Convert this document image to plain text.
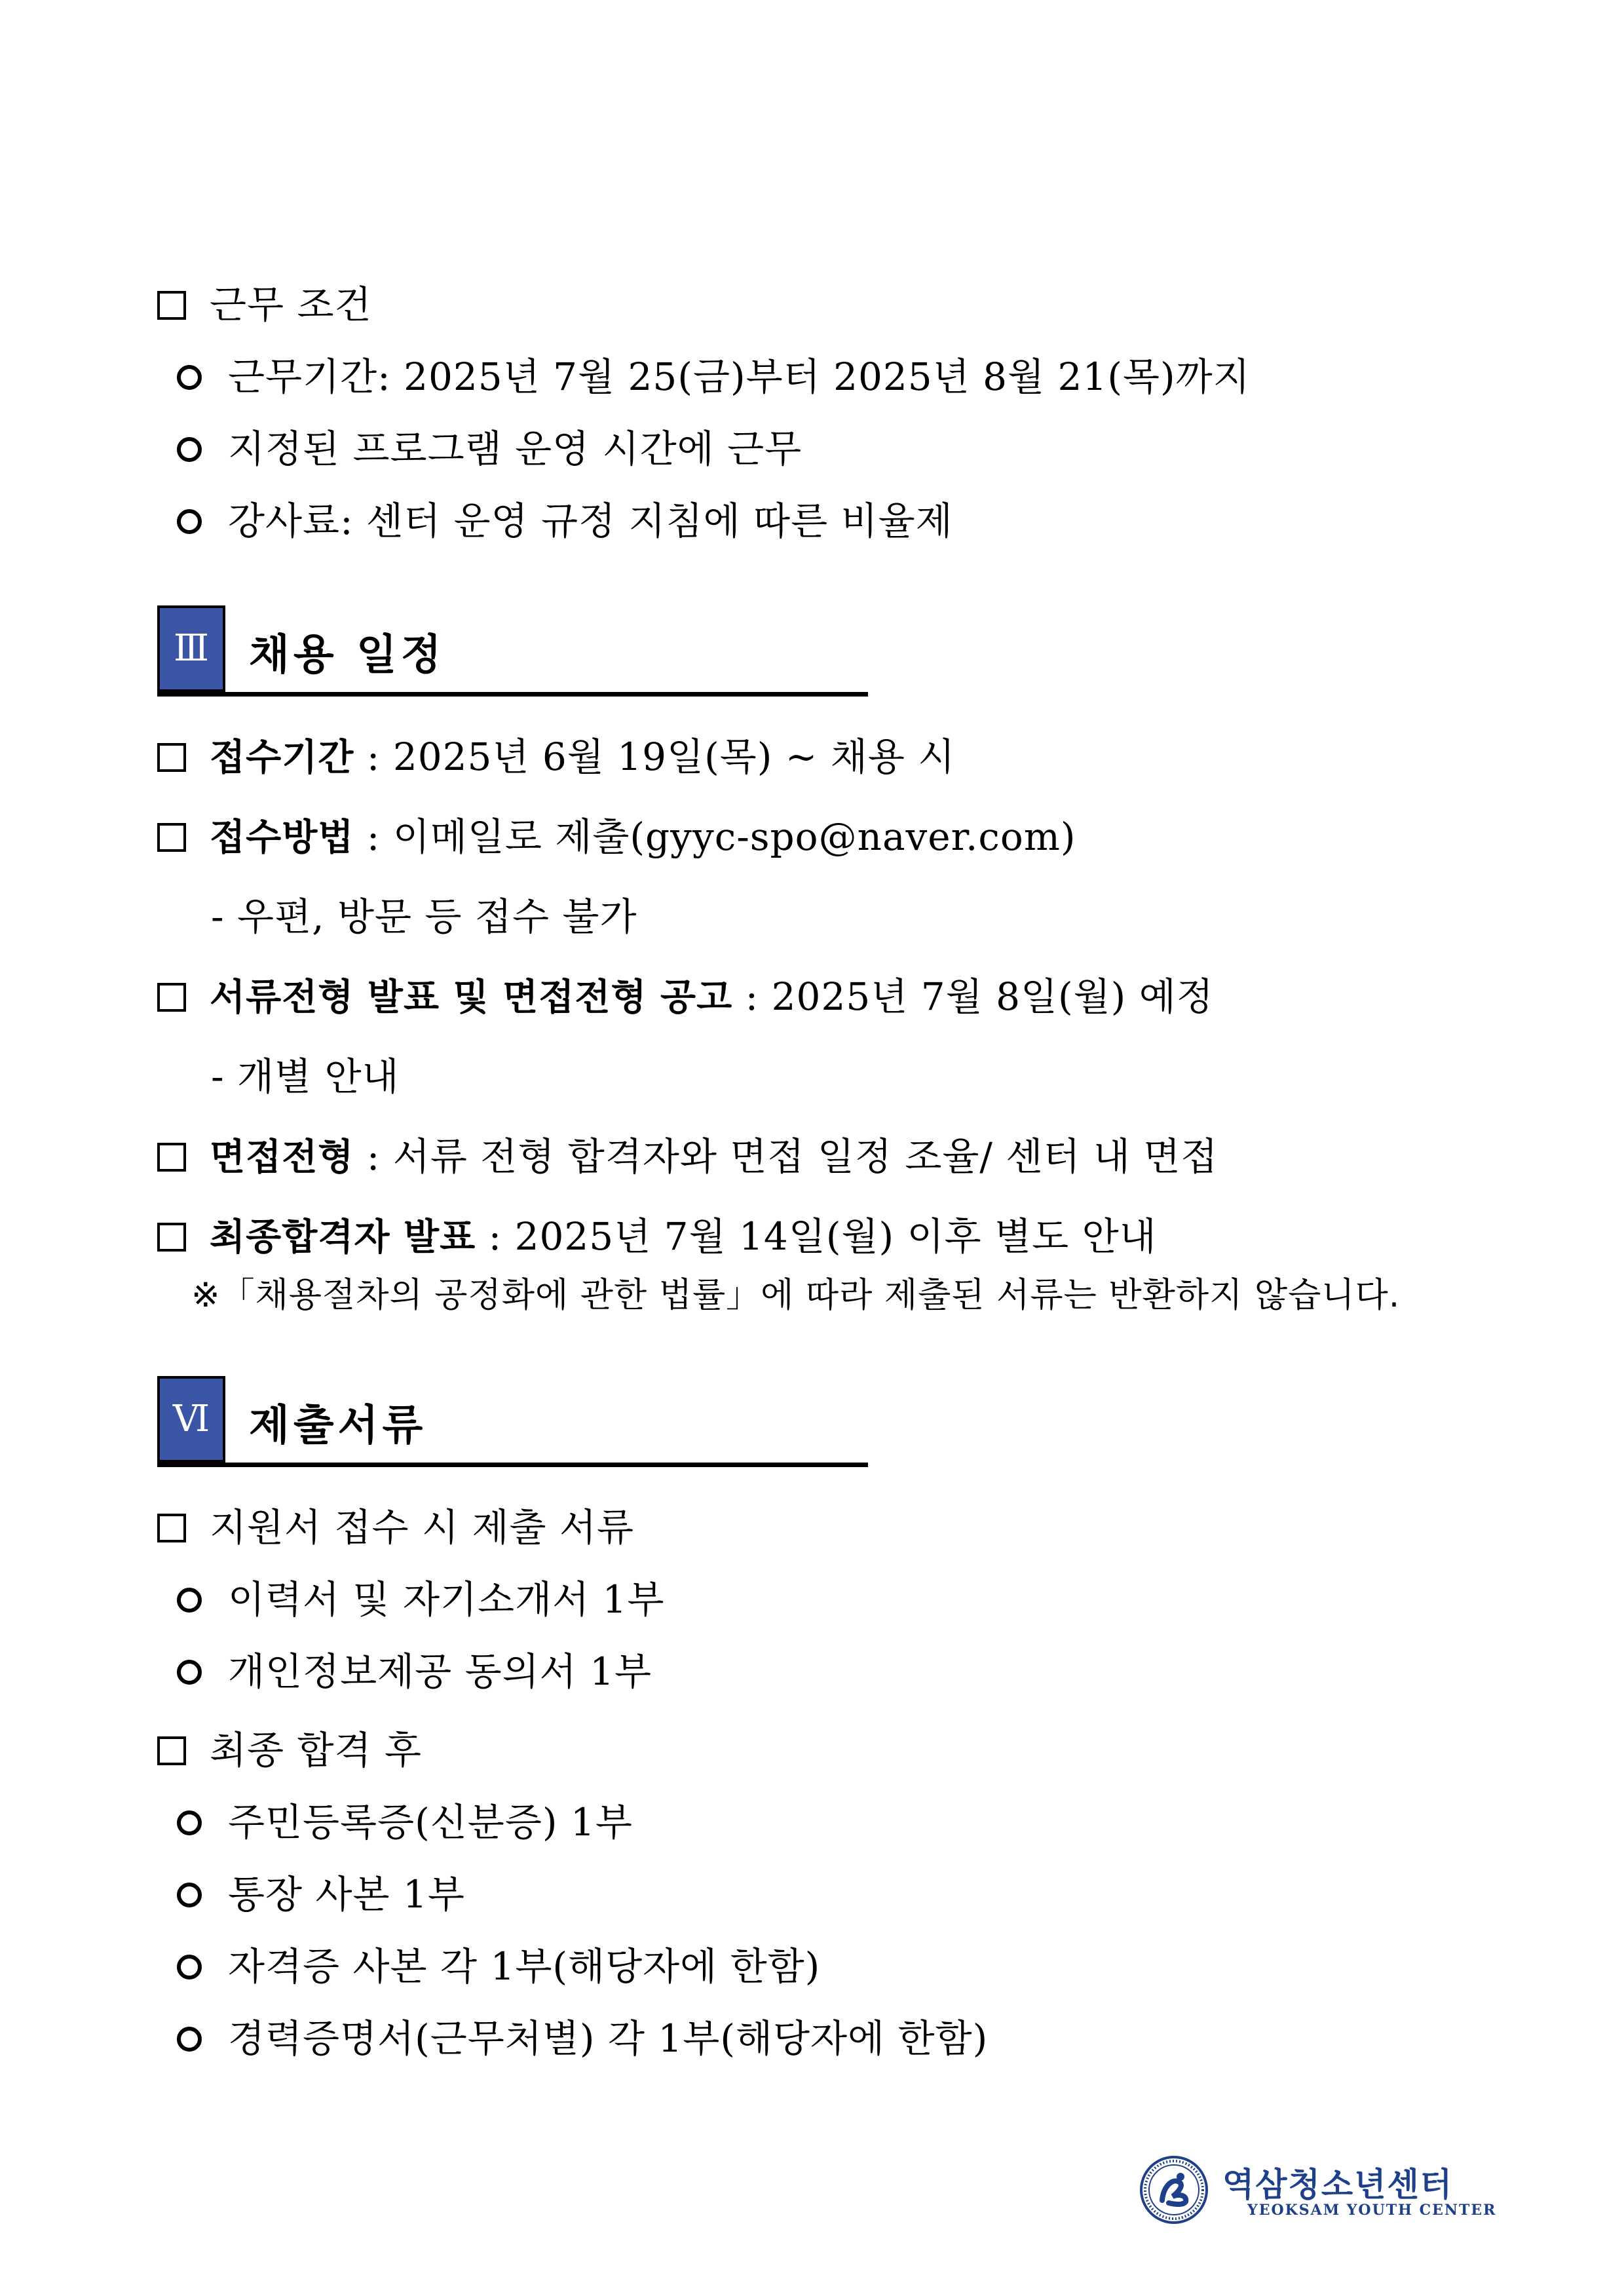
근무 조건
근무기간: 2025년 7월 25(금)부터 2025년 8월 21(목)까지
지정된 프로그램 운영 시간에 근무
강사료: 센터 운영 규정 지침에 따른 비율제
Ⅲ 채용 일정
접수기간 : 2025년 6월 19일(목) ~ 채용 시
접수방법 : 이메일로 제출(gyyc-spo@naver.com)
- 우편, 방문 등 접수 불가
서류전형 발표 및 면접전형 공고 : 2025년 7월 8일(월) 예정
- 개별 안내
면접전형 : 서류 전형 합격자와 면접 일정 조율/ 센터 내 면접
최종합격자 발표 : 2025년 7월 14일(월) 이후 별도 안내
※「채용절차의 공정화에 관한 법률」에 따라 제출된 서류는 반환하지 않습니다.
Ⅵ 제출서류
지원서 접수 시 제출 서류
이력서 및 자기소개서 1부
개인정보제공 동의서 1부
최종 합격 후
주민등록증(신분증) 1부
통장 사본 1부
자격증 사본 각 1부(해당자에 한함)
경력증명서(근무처별) 각 1부(해당자에 한함)
역삼청소년센터
YEOKSAM YOUTH CENTER
